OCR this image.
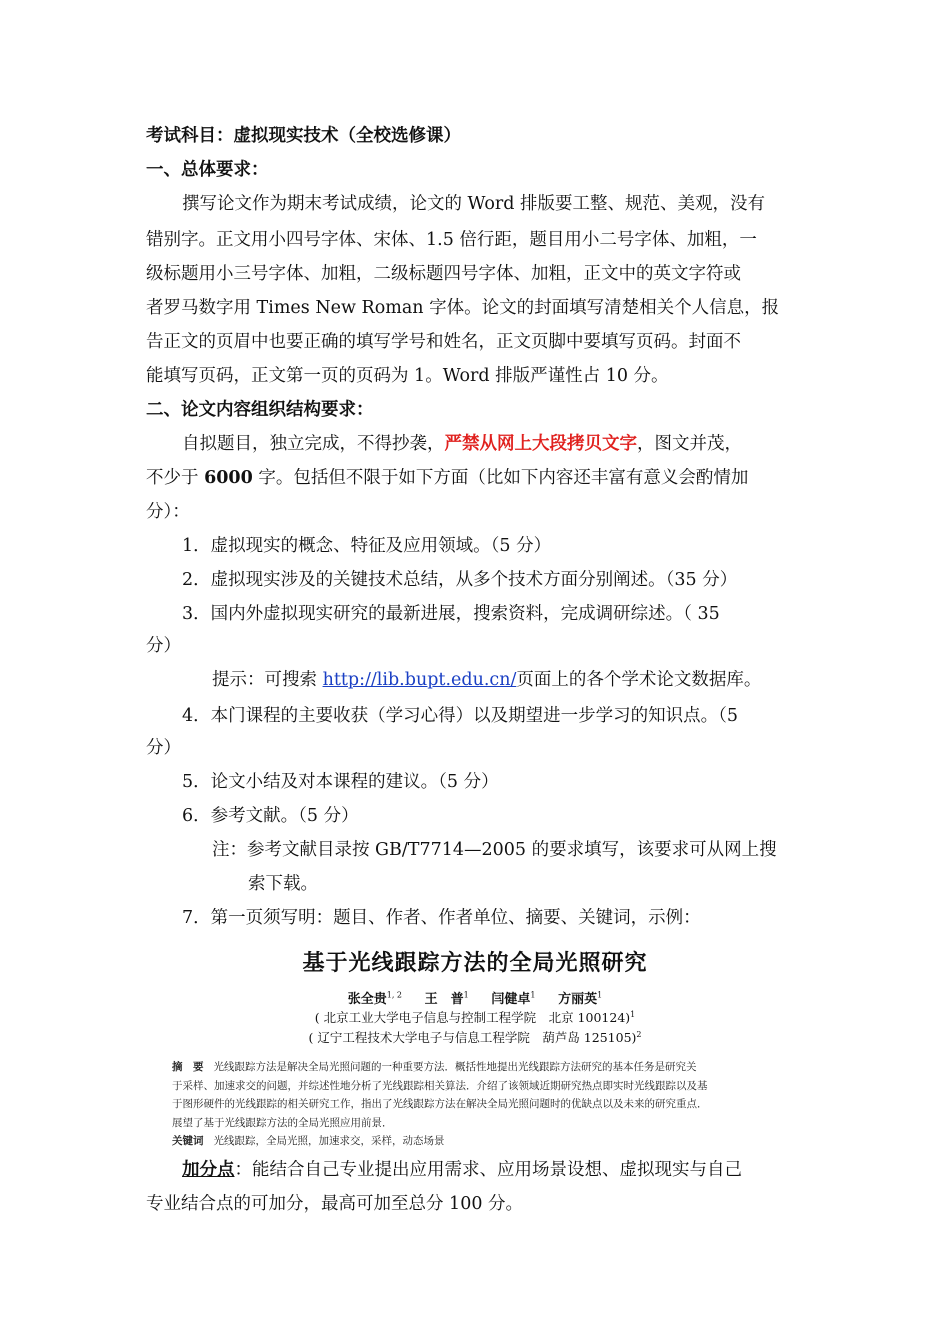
考试科目：虚拟现实技术（全校选修课）
一、总体要求：
撰写论文作为期末考试成绩，论文的 Word 排版要工整、规范、美观，没有
错别字。正文用小四号字体、宋体、1.5 倍行距，题目用小二号字体、加粗，一
级标题用小三号字体、加粗，二级标题四号字体、加粗，正文中的英文字符或
者罗马数字用 Times New Roman 字体。论文的封面填写清楚相关个人信息，报
告正文的页眉中也要正确的填写学号和姓名，正文页脚中要填写页码。封面不
能填写页码，正文第一页的页码为 1。Word 排版严谨性占 10 分。
二、论文内容组织结构要求：
自拟题目，独立完成，不得抄袭，严禁从网上大段拷贝文字，图文并茂，
不少于 6000 字。包括但不限于如下方面（比如下内容还丰富有意义会酌情加
分）：
1．虚拟现实的概念、特征及应用领域。（5 分）
2．虚拟现实涉及的关键技术总结，从多个技术方面分别阐述。（35 分）
3．国内外虚拟现实研究的最新进展，搜索资料，完成调研综述。（ 35
分）
提示：可搜索 http://lib.bupt.edu.cn/页面上的各个学术论文数据库。
4．本门课程的主要收获（学习心得）以及期望进一步学习的知识点。（5
分）
5．论文小结及对本课程的建议。（5 分）
6．参考文献。（5 分）
注：参考文献目录按 GB/T7714—2005 的要求填写，该要求可从网上搜
索下载。
7．第一页须写明：题目、作者、作者单位、摘要、关键词，示例：
基于光线跟踪方法的全局光照研究
张全贵$^{1, 2}$ 王　普$^1$ 闫健卓$^1$ 方丽英$^1$
( 北京工业大学电子信息与控制工程学院　北京 100124)$^1$
( 辽宁工程技术大学电子与信息工程学院　葫芦岛 125105)$^2$
摘　要 光线跟踪方法是解决全局光照问题的一种重要方法．概括性地提出光线跟踪方法研究的基本任务是研究关
于采样、加速求交的问题，并综述性地分析了光线跟踪相关算法．介绍了该领域近期研究热点即实时光线跟踪以及基
于图形硬件的光线跟踪的相关研究工作，指出了光线跟踪方法在解决全局光照问题时的优缺点以及未来的研究重点．
展望了基于光线跟踪方法的全局光照应用前景．
关键词 光线跟踪，全局光照，加速求交，采样，动态场景
加分点：能结合自己专业提出应用需求、应用场景设想、虚拟现实与自己
专业结合点的可加分，最高可加至总分 100 分。
